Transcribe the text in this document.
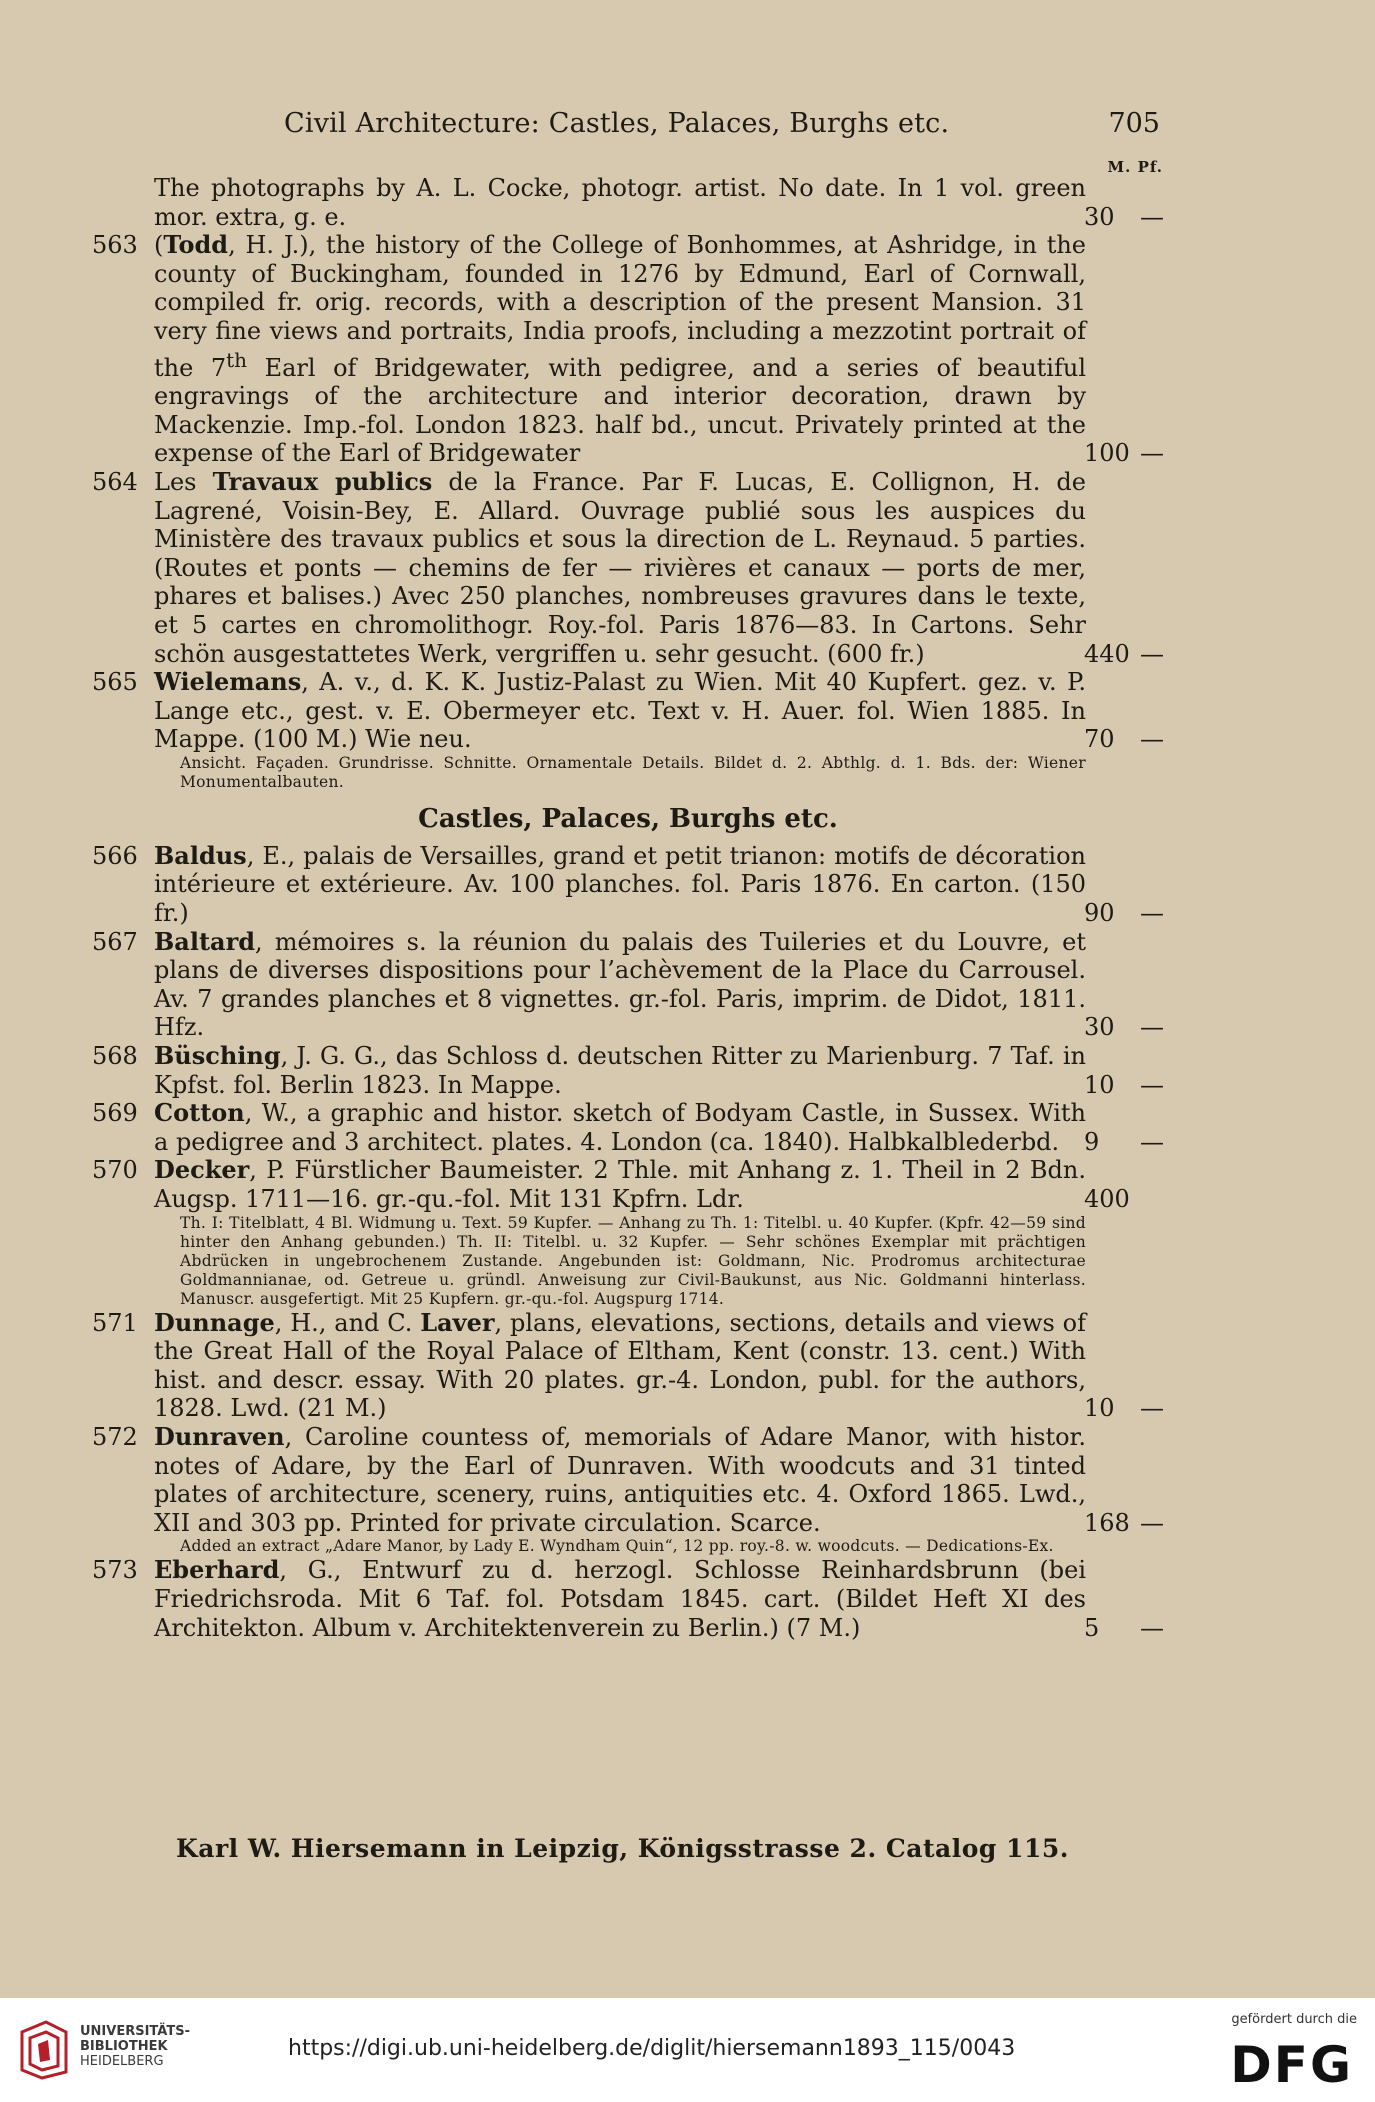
Civil Architecture: Castles, Palaces, Burghs etc.	705
M. Pf.
The photographs by A. L. Cocke, photogr. artist. No date. In 1 vol. green mor. extra, g. e.	30 —
563 (Todd, H. J.), the history of the College of Bonhommes, at Ashridge, in the county of Buckingham, founded in 1276 by Edmund, Earl of Cornwall, compiled fr. orig. records, with a description of the present Mansion. 31 very fine views and portraits, India proofs, including a mezzotint portrait of the 7th Earl of Bridgewater, with pedigree, and a series of beautiful engravings of the architecture and interior decoration, drawn by Mackenzie. Imp.-fol. London 1823. half bd., uncut. Privately printed at the expense of the Earl of Bridgewater	100 —
564 Les Travaux publics de la France. Par F. Lucas, E. Collignon, H. de Lagrené, Voisin-Bey, E. Allard. Ouvrage publié sous les auspices du Ministère des travaux publics et sous la direction de L. Reynaud. 5 parties. (Routes et ponts — chemins de fer — rivières et canaux — ports de mer, phares et balises.) Avec 250 planches, nombreuses gravures dans le texte, et 5 cartes en chromolithogr. Roy.-fol. Paris 1876—83. In Cartons. Sehr schön ausgestattetes Werk, vergriffen u. sehr gesucht. (600 fr.)	440 —
565 Wielemans, A. v., d. K. K. Justiz-Palast zu Wien. Mit 40 Kupfert. gez. v. P. Lange etc., gest. v. E. Obermeyer etc. Text v. H. Auer. fol. Wien 1885. In Mappe. (100 M.) Wie neu.	70 —
Ansicht. Façaden. Grundrisse. Schnitte. Ornamentale Details. Bildet d. 2. Abthlg. d. 1. Bds. der: Wiener Monumentalbauten.
Castles, Palaces, Burghs etc.
566 Baldus, E., palais de Versailles, grand et petit trianon: motifs de décoration intérieure et extérieure. Av. 100 planches. fol. Paris 1876. En carton. (150 fr.)	90 —
567 Baltard, mémoires s. la réunion du palais des Tuileries et du Louvre, et plans de diverses dispositions pour l’achèvement de la Place du Carrousel. Av. 7 grandes planches et 8 vignettes. gr.-fol. Paris, imprim. de Didot, 1811. Hfz.	30 —
568 Büsching, J. G. G., das Schloss d. deutschen Ritter zu Marienburg. 7 Taf. in Kpfst. fol. Berlin 1823. In Mappe.	10 —
569 Cotton, W., a graphic and histor. sketch of Bodyam Castle, in Sussex. With a pedigree and 3 architect. plates. 4. London (ca. 1840). Halbkalblederbd.	9 —
570 Decker, P. Fürstlicher Baumeister. 2 Thle. mit Anhang z. 1. Theil in 2 Bdn. Augsp. 1711—16. gr.-qu.-fol. Mit 131 Kpfrn. Ldr.	400
Th. I: Titelblatt, 4 Bl. Widmung u. Text. 59 Kupfer. — Anhang zu Th. 1: Titelbl. u. 40 Kupfer. (Kpfr. 42—59 sind hinter den Anhang gebunden.) Th. II: Titelbl. u. 32 Kupfer. — Sehr schönes Exemplar mit prächtigen Abdrücken in ungebrochenem Zustande. Angebunden ist: Goldmann, Nic. Prodromus architecturae Goldmannianae, od. Getreue u. gründl. Anweisung zur Civil-Baukunst, aus Nic. Goldmanni hinterlass. Manuscr. ausgefertigt. Mit 25 Kupfern. gr.-qu.-fol. Augspurg 1714.
571 Dunnage, H., and C. Laver, plans, elevations, sections, details and views of the Great Hall of the Royal Palace of Eltham, Kent (constr. 13. cent.) With hist. and descr. essay. With 20 plates. gr.-4. London, publ. for the authors, 1828. Lwd. (21 M.)	10 —
572 Dunraven, Caroline countess of, memorials of Adare Manor, with histor. notes of Adare, by the Earl of Dunraven. With woodcuts and 31 tinted plates of architecture, scenery, ruins, antiquities etc. 4. Oxford 1865. Lwd., XII and 303 pp. Printed for private circulation. Scarce.	168 —
Added an extract „Adare Manor, by Lady E. Wyndham Quin“, 12 pp. roy.-8. w. woodcuts. — Dedications-Ex.
573 Eberhard, G., Entwurf zu d. herzogl. Schlosse Reinhardsbrunn (bei Friedrichsroda. Mit 6 Taf. fol. Potsdam 1845. cart. (Bildet Heft XI des Architekton. Album v. Architektenverein zu Berlin.) (7 M.)	5 —
Karl W. Hiersemann in Leipzig, Königsstrasse 2. Catalog 115.
UNIVERSITÄTS-
BIBLIOTHEK
HEIDELBERG
https://digi.ub.uni-heidelberg.de/diglit/hiersemann1893_115/0043
gefördert durch die
DFG
